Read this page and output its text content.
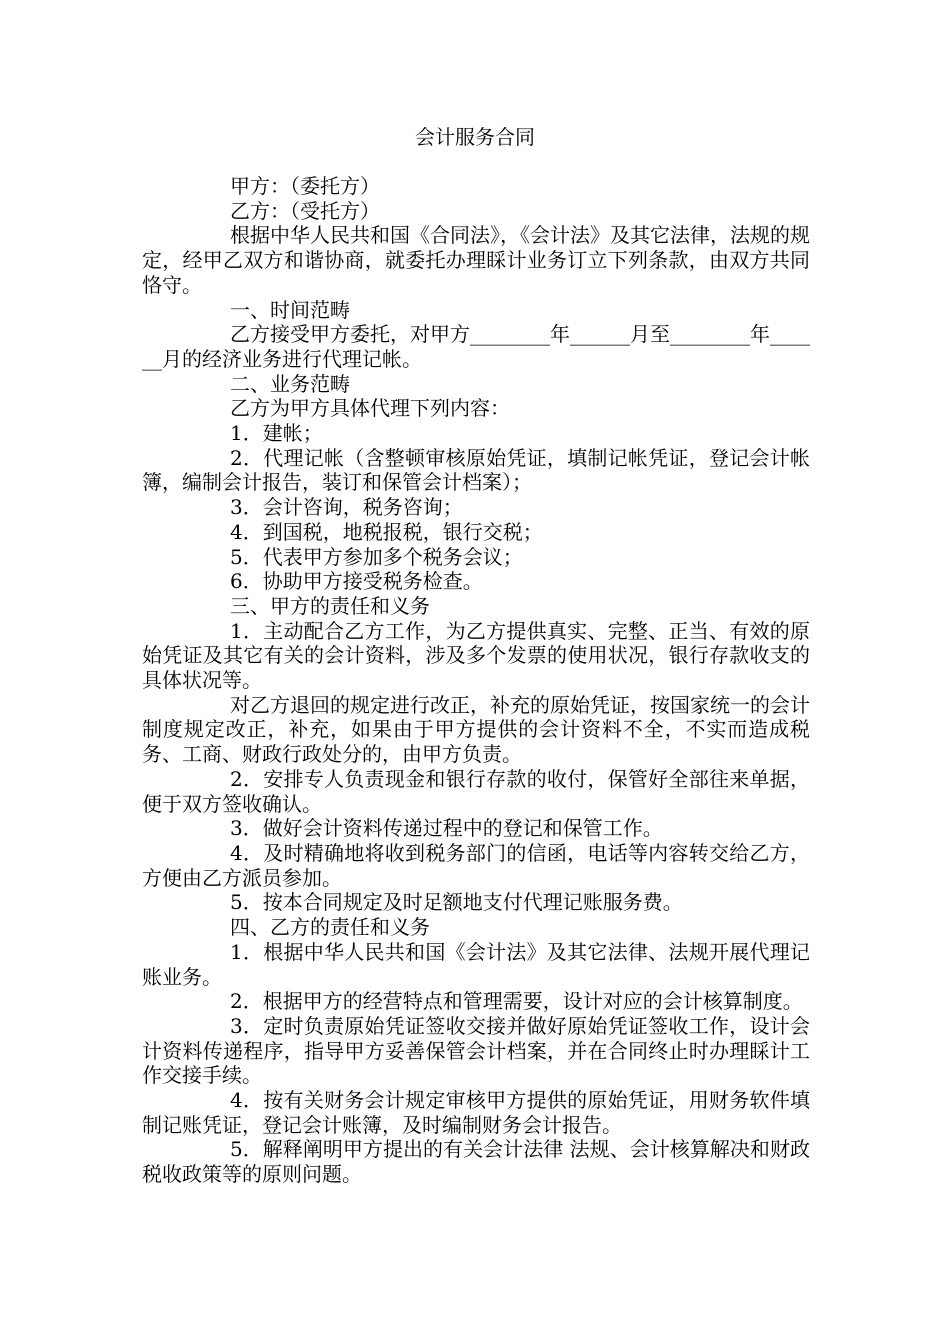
会计服务合同

甲方：（委托方）

乙方：（受托方）

根据中华人民共和国《合同法》，《会计法》及其它法律，法规的规定，经甲乙双方和谐协商，就委托办理睬计业务订立下列条款，由双方共同恪守。

一、时间范畴

乙方接受甲方委托，对甲方________年______月至________年______月的经济业务进行代理记帐。

二、业务范畴

乙方为甲方具体代理下列内容：

1．建帐；

2．代理记帐（含整顿审核原始凭证，填制记帐凭证，登记会计帐簿，编制会计报告，装订和保管会计档案）；

3．会计咨询，税务咨询；

4．到国税，地税报税，银行交税；

5．代表甲方参加多个税务会议；

6．协助甲方接受税务检查。

三、甲方的责任和义务

1．主动配合乙方工作，为乙方提供真实、完整、正当、有效的原始凭证及其它有关的会计资料，涉及多个发票的使用状况，银行存款收支的具体状况等。

对乙方退回的规定进行改正，补充的原始凭证，按国家统一的会计制度规定改正，补充，如果由于甲方提供的会计资料不全，不实而造成税务、工商、财政行政处分的，由甲方负责。

2．安排专人负责现金和银行存款的收付，保管好全部往来单据，便于双方签收确认。

3．做好会计资料传递过程中的登记和保管工作。

4．及时精确地将收到税务部门的信函，电话等内容转交给乙方，方便由乙方派员参加。

5．按本合同规定及时足额地支付代理记账服务费。

四、乙方的责任和义务

1．根据中华人民共和国《会计法》及其它法律、法规开展代理记账业务。

2．根据甲方的经营特点和管理需要，设计对应的会计核算制度。

3．定时负责原始凭证签收交接并做好原始凭证签收工作，设计会计资料传递程序，指导甲方妥善保管会计档案，并在合同终止时办理睬计工作交接手续。

4．按有关财务会计规定审核甲方提供的原始凭证，用财务软件填制记账凭证，登记会计账簿，及时编制财务会计报告。

5．解释阐明甲方提出的有关会计法律 法规、会计核算解决和财政税收政策等的原则问题。
